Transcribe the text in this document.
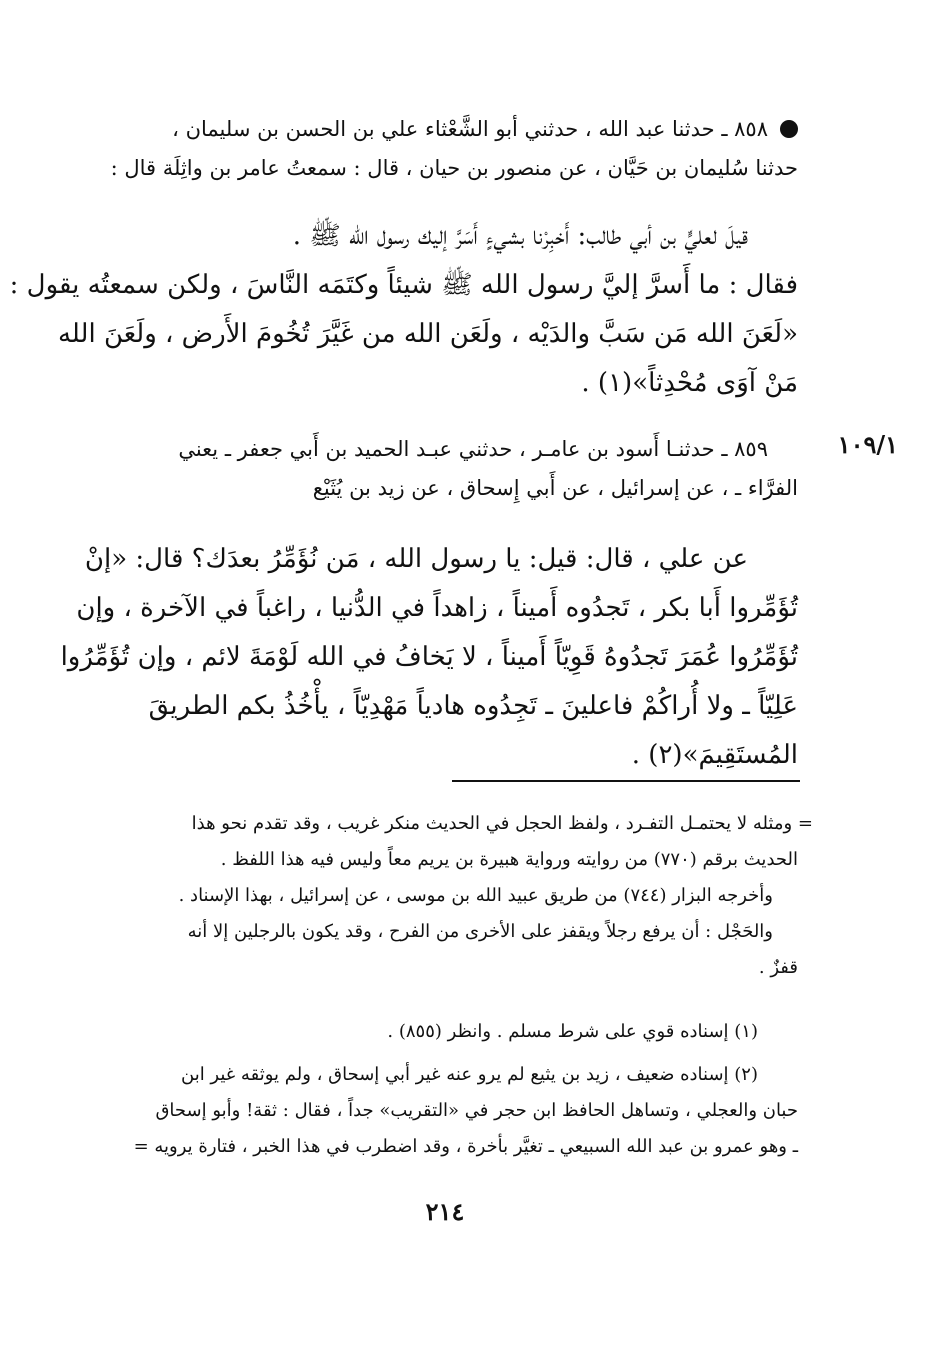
٨٥٨ ـ حدثنا عبد الله ، حدثني أبو الشَّعْثاء علي بن الحسن بن سليمان ،
حدثنا سُليمان بن حَيَّان ، عن منصور بن حيان ، قال : سمعتُ عامر بن واثِلَة قال :
قيلَ لعليٍّ بن أبي طالب: أَخبِرْنا بشيءٍ أَسَرَّ إليك رسول الله ﷺ .
فقال : ما أَسرَّ إليَّ رسول الله ﷺ شيئاً وكتَمَه النَّاسَ ، ولكن سمعتُه يقول :
«لَعَنَ الله مَن سَبَّ والدَيْه ، ولَعَن الله من غَيَّرَ تُخُومَ الأَرض ، ولَعَنَ الله
مَنْ آوَى مُحْدِثاً»(١) .
١٠٩/١
٨٥٩ ـ حدثنـا أَسود بن عامـر ، حدثني عبـد الحميد بن أَبي جعفر ـ يعني
الفرَّاء ـ ، عن إسرائيل ، عن أَبي إِسحاق ، عن زيد بن يُثَيْع
عن علي ، قال: قيل: يا رسول الله ، مَن نُؤَمِّرُ بعدَك؟ قال: «إنْ
تُؤَمِّروا أَبا بكر ، تَجدُوه أَميناً ، زاهداً في الدُّنيا ، راغباً في الآخرة ، وإن
تُؤَمِّرُوا عُمَرَ تَجدُوهُ قَوِيّاً أَميناً ، لا يَخافُ في الله لَوْمَةَ لائم ، وإن تُؤَمِّرُوا
عَلِيّاً ـ ولا أُراكُمْ فاعلينَ ـ تَجِدُوه هادياً مَهْدِيّاً ، يأْخُذُ بكم الطريقَ
المُستَقِيمَ»(٢) .
= ومثله لا يحتمـل التفـرد ، ولفظ الحجل في الحديث منكر غريب ، وقد تقدم نحو هذا
الحديث برقم (٧٧٠) من روايته ورواية هبيرة بن يريم معاً وليس فيه هذا اللفظ .
وأخرجه البزار (٧٤٤) من طريق عبيد الله بن موسى ، عن إسرائيل ، بهذا الإسناد .
والحَجْل : أن يرفع رجلاً ويقفز على الأخرى من الفرح ، وقد يكون بالرجلين إلا أنه
قفزٌ .
(١) إسناده قوي على شرط مسلم . وانظر (٨٥٥) .
(٢) إسناده ضعيف ، زيد بن يثيع لم يرو عنه غير أبي إسحاق ، ولم يوثقه غير ابن
حبان والعجلي ، وتساهل الحافظ ابن حجر في «التقريب» جداً ، فقال : ثقة! وأبو إسحاق
ـ وهو عمرو بن عبد الله السبيعي ـ تغيَّر بأخرة ، وقد اضطرب في هذا الخبر ، فتارة يرويه =
٢١٤
